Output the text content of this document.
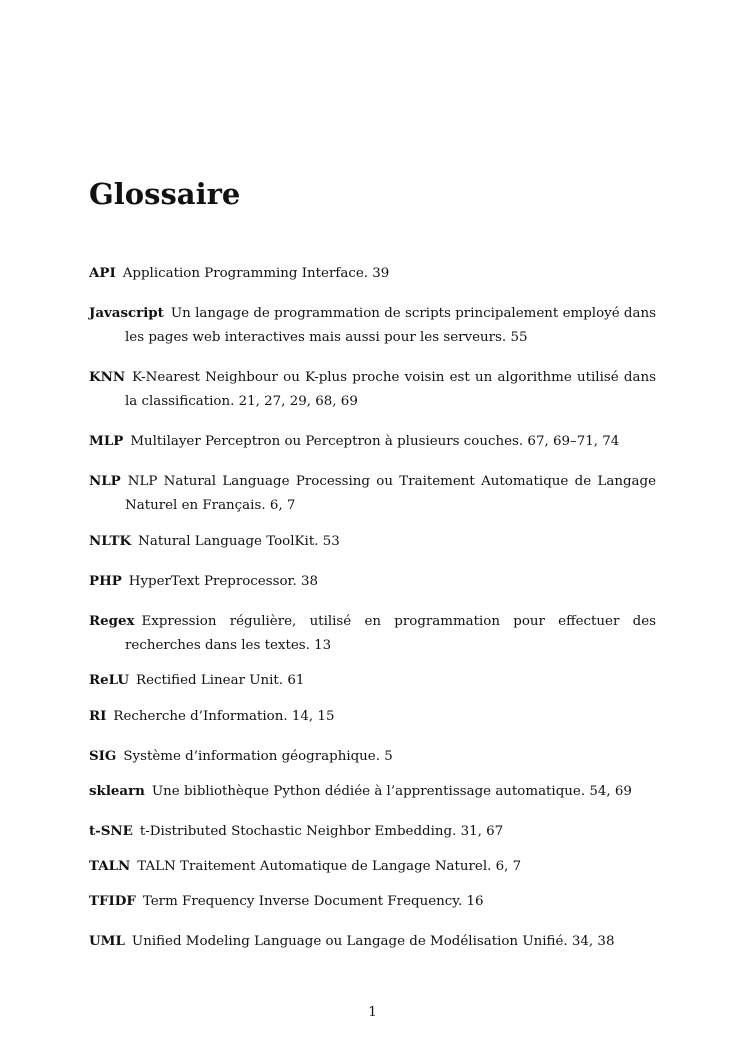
Glossaire
API Application Programming Interface. 39
Javascript Un langage de programmation de scripts principalement employé dans les pages web interactives mais aussi pour les serveurs. 55
KNN K-Nearest Neighbour ou K-plus proche voisin est un algorithme utilisé dans la classification. 21, 27, 29, 68, 69
MLP Multilayer Perceptron ou Perceptron à plusieurs couches. 67, 69–71, 74
NLP NLP Natural Language Processing ou Traitement Automatique de Langage Naturel en Français. 6, 7
NLTK Natural Language ToolKit. 53
PHP HyperText Preprocessor. 38
Regex Expression régulière, utilisé en programmation pour effectuer des recherches dans les textes. 13
ReLU Rectified Linear Unit. 61
RI Recherche d’Information. 14, 15
SIG Système d’information géographique. 5
sklearn Une bibliothèque Python dédiée à l’apprentissage automatique. 54, 69
t-SNE t-Distributed Stochastic Neighbor Embedding. 31, 67
TALN TALN Traitement Automatique de Langage Naturel. 6, 7
TFIDF Term Frequency Inverse Document Frequency. 16
UML Unified Modeling Language ou Langage de Modélisation Unifié. 34, 38
1
